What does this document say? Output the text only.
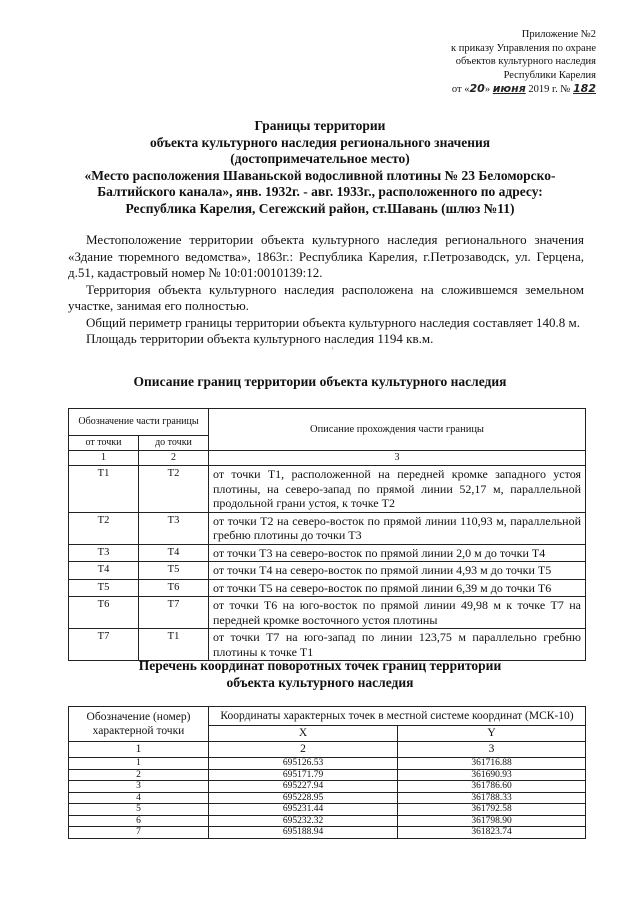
Приложение №2
к приказу Управления по охране
объектов культурного наследия
Республики Карелия
от «20» июня 2019 г. № 182
Границы территории
объекта культурного наследия регионального значения
(достопримечательное место)
«Место расположения Шаваньской водосливной плотины № 23 Беломорско-
Балтийского канала», янв. 1932г. - авг. 1933г., расположенного по адресу:
Республика Карелия, Сегежский район, ст.Шавань (шлюз №11)

Местоположение территории объекта культурного наследия регионального значения «Здание тюремного ведомства», 1863г.: Республика Карелия, г.Петрозаводск, ул. Герцена, д.51, кадастровый номер № 10:01:0010139:12.

Территория объекта культурного наследия расположена на сложившемся земельном участке, занимая его полностью.

Общий периметр границы территории объекта культурного наследия составляет 140.8 м.

Площадь территории объекта культурного наследия 1194 кв.м.

'
Описание границ территории объекта культурного наследия
Обозначение части границы		Описание прохождения части границы
от точки	до точки	
1	2	3
Т1	Т2	от точки Т1, расположенной на передней кромке западного устоя плотины, на северо-запад по прямой линии 52,17 м, параллельной продольной грани устоя, к точке Т2
Т2	Т3	от точки Т2 на северо-восток по прямой линии 110,93 м, параллельной гребню плотины до точки Т3
Т3	Т4	от точки Т3 на северо-восток по прямой линии 2,0 м до точки Т4
Т4	Т5	от точки Т4 на северо-восток по прямой линии 4,93 м до точки Т5
Т5	Т6	от точки Т5 на северо-восток по прямой линии 6,39 м до точки Т6
Т6	Т7	от точки Т6 на юго-восток по прямой линии 49,98 м к точке Т7 на передней кромке восточного устоя плотины
Т7	Т1	от точки Т7 на юго-запад по линии 123,75 м параллельно гребню плотины к точке Т1
Перечень координат поворотных точек границ территории
объекта культурного наследия
Обозначение (номер) характерной точки	Координаты характерных точек в местной системе координат (МСК-10)	
	X	Y
1	2	3
1	695126.53	361716.88
2	695171.79	361690.93
3	695227.94	361786.60
4	695228.95	361788.33
5	695231.44	361792.58
6	695232.32	361798.90
7	695188.94	361823.74
